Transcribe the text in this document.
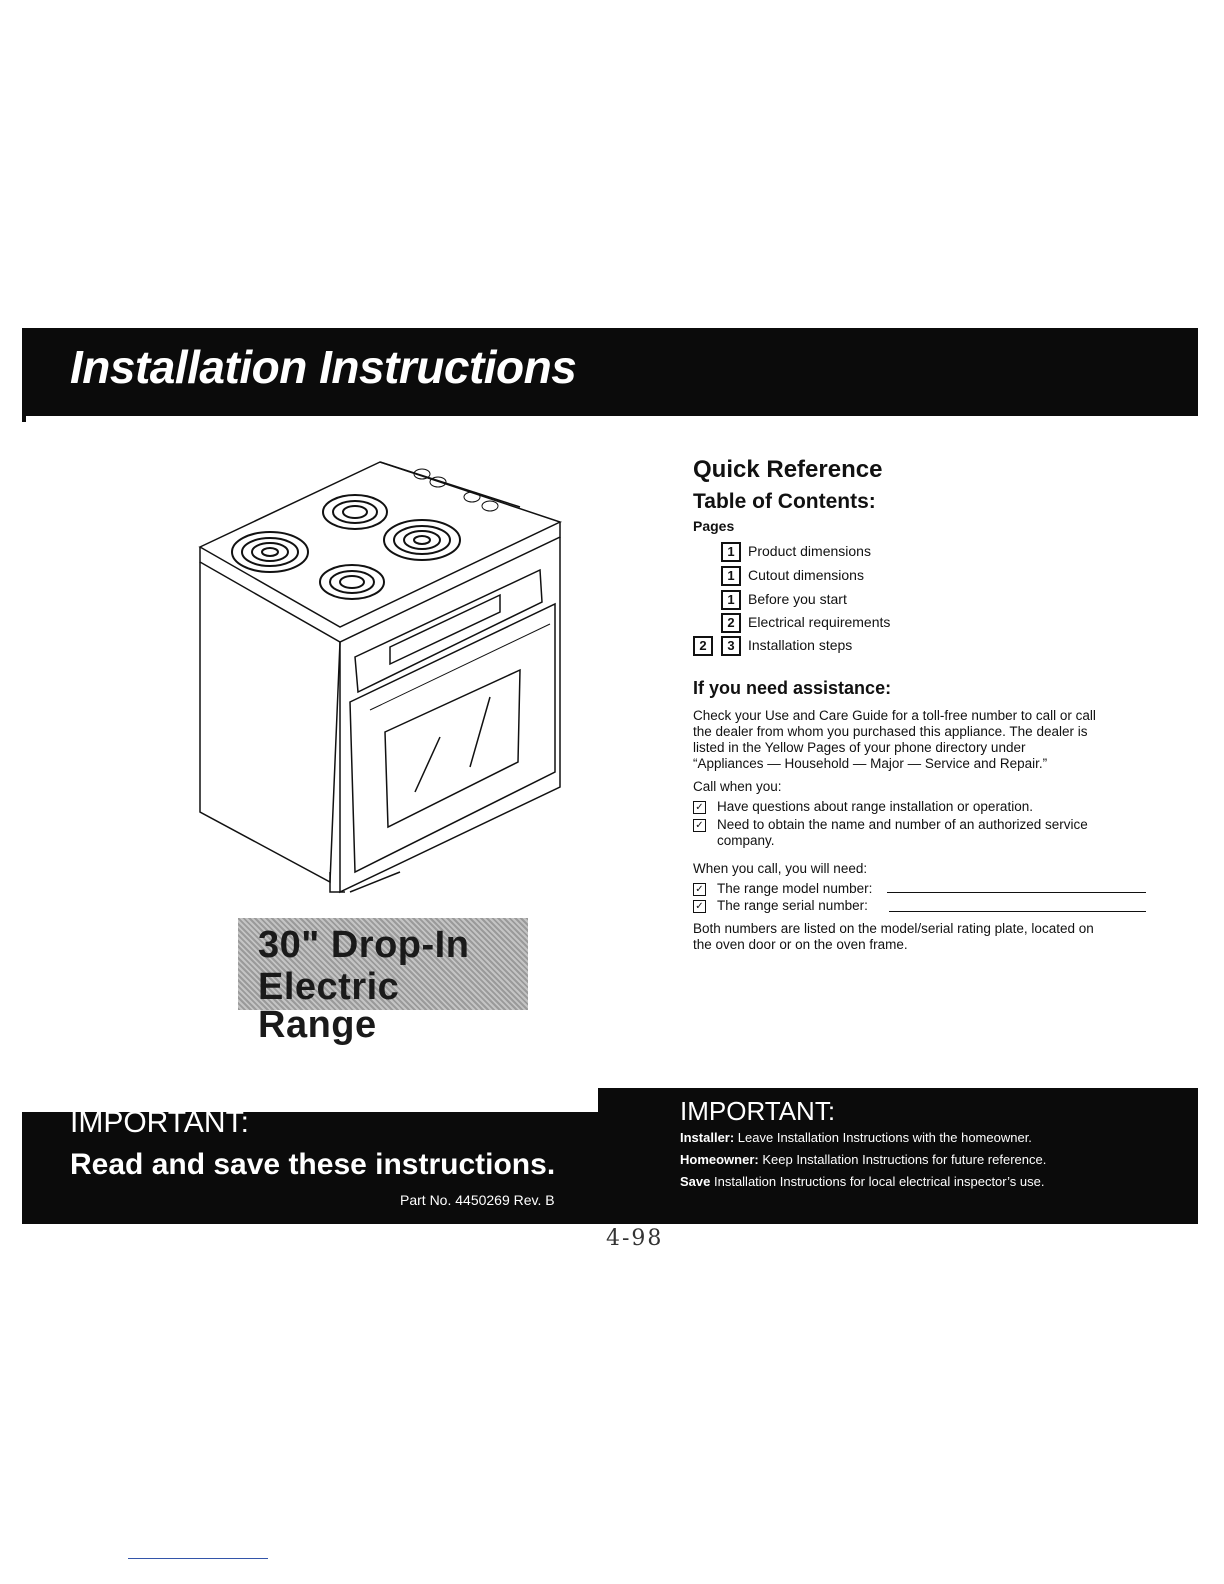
Installation Instructions
30" Drop-In
Electric Range
Quick Reference
Table of Contents:
Pages
1 Product dimensions
1 Cutout dimensions
1 Before you start
2 Electrical requirements
2	3 Installation steps
If you need assistance:
Check your Use and Care Guide for a toll-free number to call or call
the dealer from whom you purchased this appliance. The dealer is
listed in the Yellow Pages of your phone directory under
“Appliances — Household — Major — Service and Repair.”
Call when you:
✓ Have questions about range installation or operation.
✓ Need to obtain the name and number of an authorized service company.
When you call, you will need:
✓ The range model number:
✓ The range serial number:
Both numbers are listed on the model/serial rating plate, located on
the oven door or on the oven frame.
IMPORTANT:
Read and save these instructions.
Part No. 4450269 Rev. B
IMPORTANT:
Installer: Leave Installation Instructions with the homeowner.
Homeowner: Keep Installation Instructions for future reference.
Save Installation Instructions for local electrical inspector’s use.
4-98
